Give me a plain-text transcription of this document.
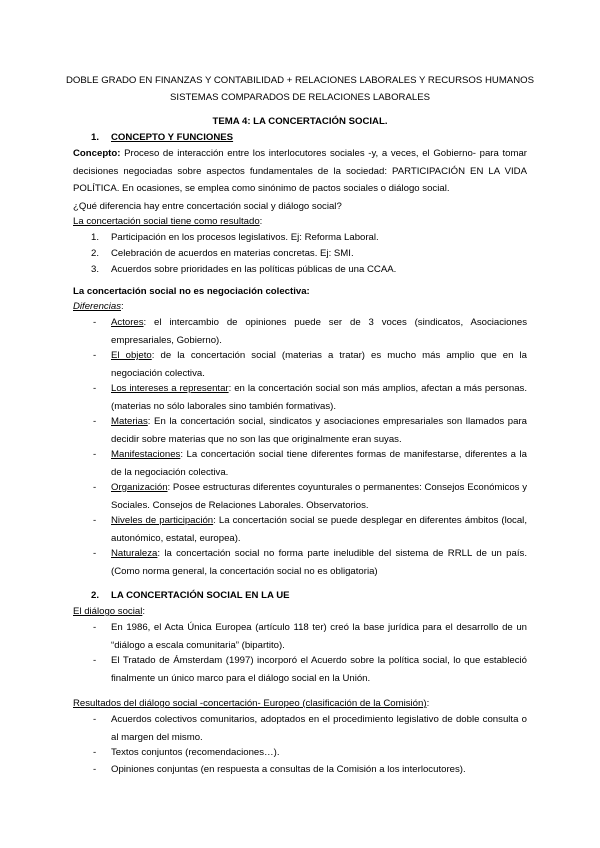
DOBLE GRADO EN FINANZAS Y CONTABILIDAD + RELACIONES LABORALES Y RECURSOS HUMANOS
SISTEMAS COMPARADOS DE RELACIONES LABORALES
TEMA 4: LA CONCERTACIÓN SOCIAL.
1. CONCEPTO Y FUNCIONES
Concepto: Proceso de interacción entre los interlocutores sociales -y, a veces, el Gobierno- para tomar decisiones negociadas sobre aspectos fundamentales de la sociedad: PARTICIPACIÓN EN LA VIDA POLÍTICA. En ocasiones, se emplea como sinónimo de pactos sociales o diálogo social.
¿Qué diferencia hay entre concertación social y diálogo social?
La concertación social tiene como resultado:
1. Participación en los procesos legislativos. Ej: Reforma Laboral.
2. Celebración de acuerdos en materias concretas. Ej: SMI.
3. Acuerdos sobre prioridades en las políticas públicas de una CCAA.
La concertación social no es negociación colectiva:
Diferencias:
- Actores: el intercambio de opiniones puede ser de 3 voces (sindicatos, Asociaciones empresariales, Gobierno).
- El objeto: de la concertación social (materias a tratar) es mucho más amplio que en la negociación colectiva.
- Los intereses a representar: en la concertación social son más amplios, afectan a más personas. (materias no sólo laborales sino también formativas).
- Materias: En la concertación social, sindicatos y asociaciones empresariales son llamados para decidir sobre materias que no son las que originalmente eran suyas.
- Manifestaciones: La concertación social tiene diferentes formas de manifestarse, diferentes a la de la negociación colectiva.
- Organización: Posee estructuras diferentes coyunturales o permanentes: Consejos Económicos y Sociales. Consejos de Relaciones Laborales. Observatorios.
- Niveles de participación: La concertación social se puede desplegar en diferentes ámbitos (local, autonómico, estatal, europea).
- Naturaleza: la concertación social no forma parte ineludible del sistema de RRLL de un país. (Como norma general, la concertación social no es obligatoria)
2. LA CONCERTACIÓN SOCIAL EN LA UE
El diálogo social:
- En 1986, el Acta Única Europea (artículo 118 ter) creó la base jurídica para el desarrollo de un “diálogo a escala comunitaria” (bipartito).
- El Tratado de Ámsterdam (1997) incorporó el Acuerdo sobre la política social, lo que estableció finalmente un único marco para el diálogo social en la Unión.
Resultados del diálogo social -concertación- Europeo (clasificación de la Comisión):
- Acuerdos colectivos comunitarios, adoptados en el procedimiento legislativo de doble consulta o al margen del mismo.
- Textos conjuntos (recomendaciones…).
- Opiniones conjuntas (en respuesta a consultas de la Comisión a los interlocutores).
